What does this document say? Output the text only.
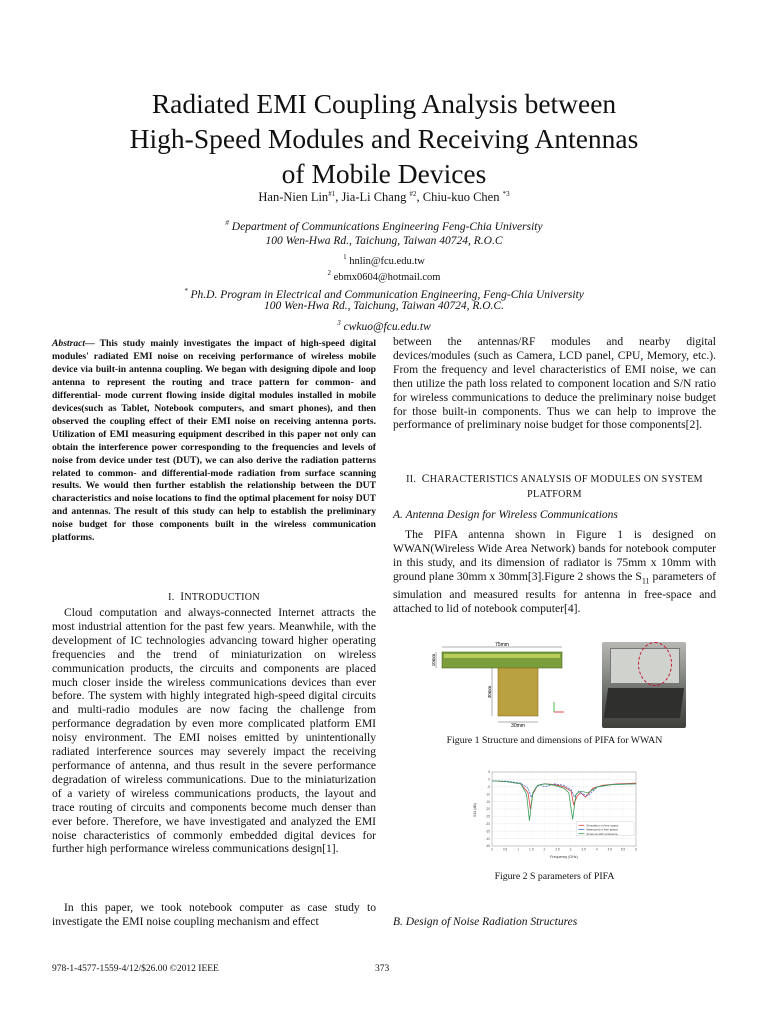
Radiated EMI Coupling Analysis between
High-Speed Modules and Receiving Antennas
of Mobile Devices
Han-Nien Lin$^{\#1}$, Jia-Li Chang $^{\#2}$, Chiu-kuo Chen $^{*3}$
# Department of Communications Engineering Feng-Chia University
100 Wen-Hwa Rd., Taichung, Taiwan 40724, R.O.C
$^1$ hnlin@fcu.edu.tw
$^2$ ebmx0604@hotmail.com
* Ph.D. Program in Electrical and Communication Engineering, Feng-Chia University
100 Wen-Hwa Rd., Taichung, Taiwan 40724, R.O.C.
$^3$ cwkuo@fcu.edu.tw
Abstract— This study mainly investigates the impact of high-speed digital modules' radiated EMI noise on receiving performance of wireless mobile device via built-in antenna coupling. We began with designing dipole and loop antenna to represent the routing and trace pattern for common- and differential- mode current flowing inside digital modules installed in mobile devices(such as Tablet, Notebook computers, and smart phones), and then observed the coupling effect of their EMI noise on receiving antenna ports. Utilization of EMI measuring equipment described in this paper not only can obtain the interference power corresponding to the frequencies and levels of noise from device under test (DUT), we can also derive the radiation patterns related to common- and differential-mode radiation from surface scanning results. We would then further establish the relationship between the DUT characteristics and noise locations to find the optimal placement for noisy DUT and antennas. The result of this study can help to establish the preliminary noise budget for those components built in the wireless communication platforms.
I. INTRODUCTION
Cloud computation and always-connected Internet attracts the most industrial attention for the past few years. Meanwhile, with the development of IC technologies advancing toward higher operating frequencies and the trend of miniaturization on wireless communication products, the circuits and components are placed much closer inside the wireless communications devices than ever before. The system with highly integrated high-speed digital circuits and multi-radio modules are now facing the challenge from performance degradation by even more complicated platform EMI noisy environment. The EMI noises emitted by unintentionally radiated interference sources may severely impact the receiving performance of antenna, and thus result in the severe performance degradation of wireless communications. Due to the miniaturization of a variety of wireless communications products, the layout and trace routing of circuits and components become much denser than ever before. Therefore, we have investigated and analyzed the EMI noise characteristics of commonly embedded digital devices for further high performance wireless communications design[1].
In this paper, we took notebook computer as case study to investigate the EMI noise coupling mechanism and effect
between the antennas/RF modules and nearby digital devices/modules (such as Camera, LCD panel, CPU, Memory, etc.). From the frequency and level characteristics of EMI noise, we can then utilize the path loss related to component location and S/N ratio for wireless communications to deduce the preliminary noise budget for those built-in components. Thus we can help to improve the performance of preliminary noise budget for those components[2].
II. CHARACTERISTICS ANALYSIS OF MODULES ON SYSTEM
PLATFORM
A. Antenna Design for Wireless Communications
The PIFA antenna shown in Figure 1 is designed on WWAN(Wireless Wide Area Network) bands for notebook computer in this study, and its dimension of radiator is 75mm x 10mm with ground plane 30mm x 30mm[3].Figure 2 shows the $S_{11}$ parameters of simulation and measured results for antenna in free-space and attached to lid of notebook computer[4].
75mm
10mm
30mm
30mm
Figure 1 Structure and dimensions of PIFA for WWAN
5
0
-5
-10
-15
-20
-25
-30
-35
-40
-45
0	0.5	1	1.5	2	2.5	3	3.5	4	4.5	5.5	6
Simulation in free space
Measured in free space
Antenna with enclosure
Frequency (GHz)
S11 (dB)
Figure 2 S parameters of PIFA
B. Design of Noise Radiation Structures
978-1-4577-1559-4/12/$26.00 ©2012 IEEE	373
